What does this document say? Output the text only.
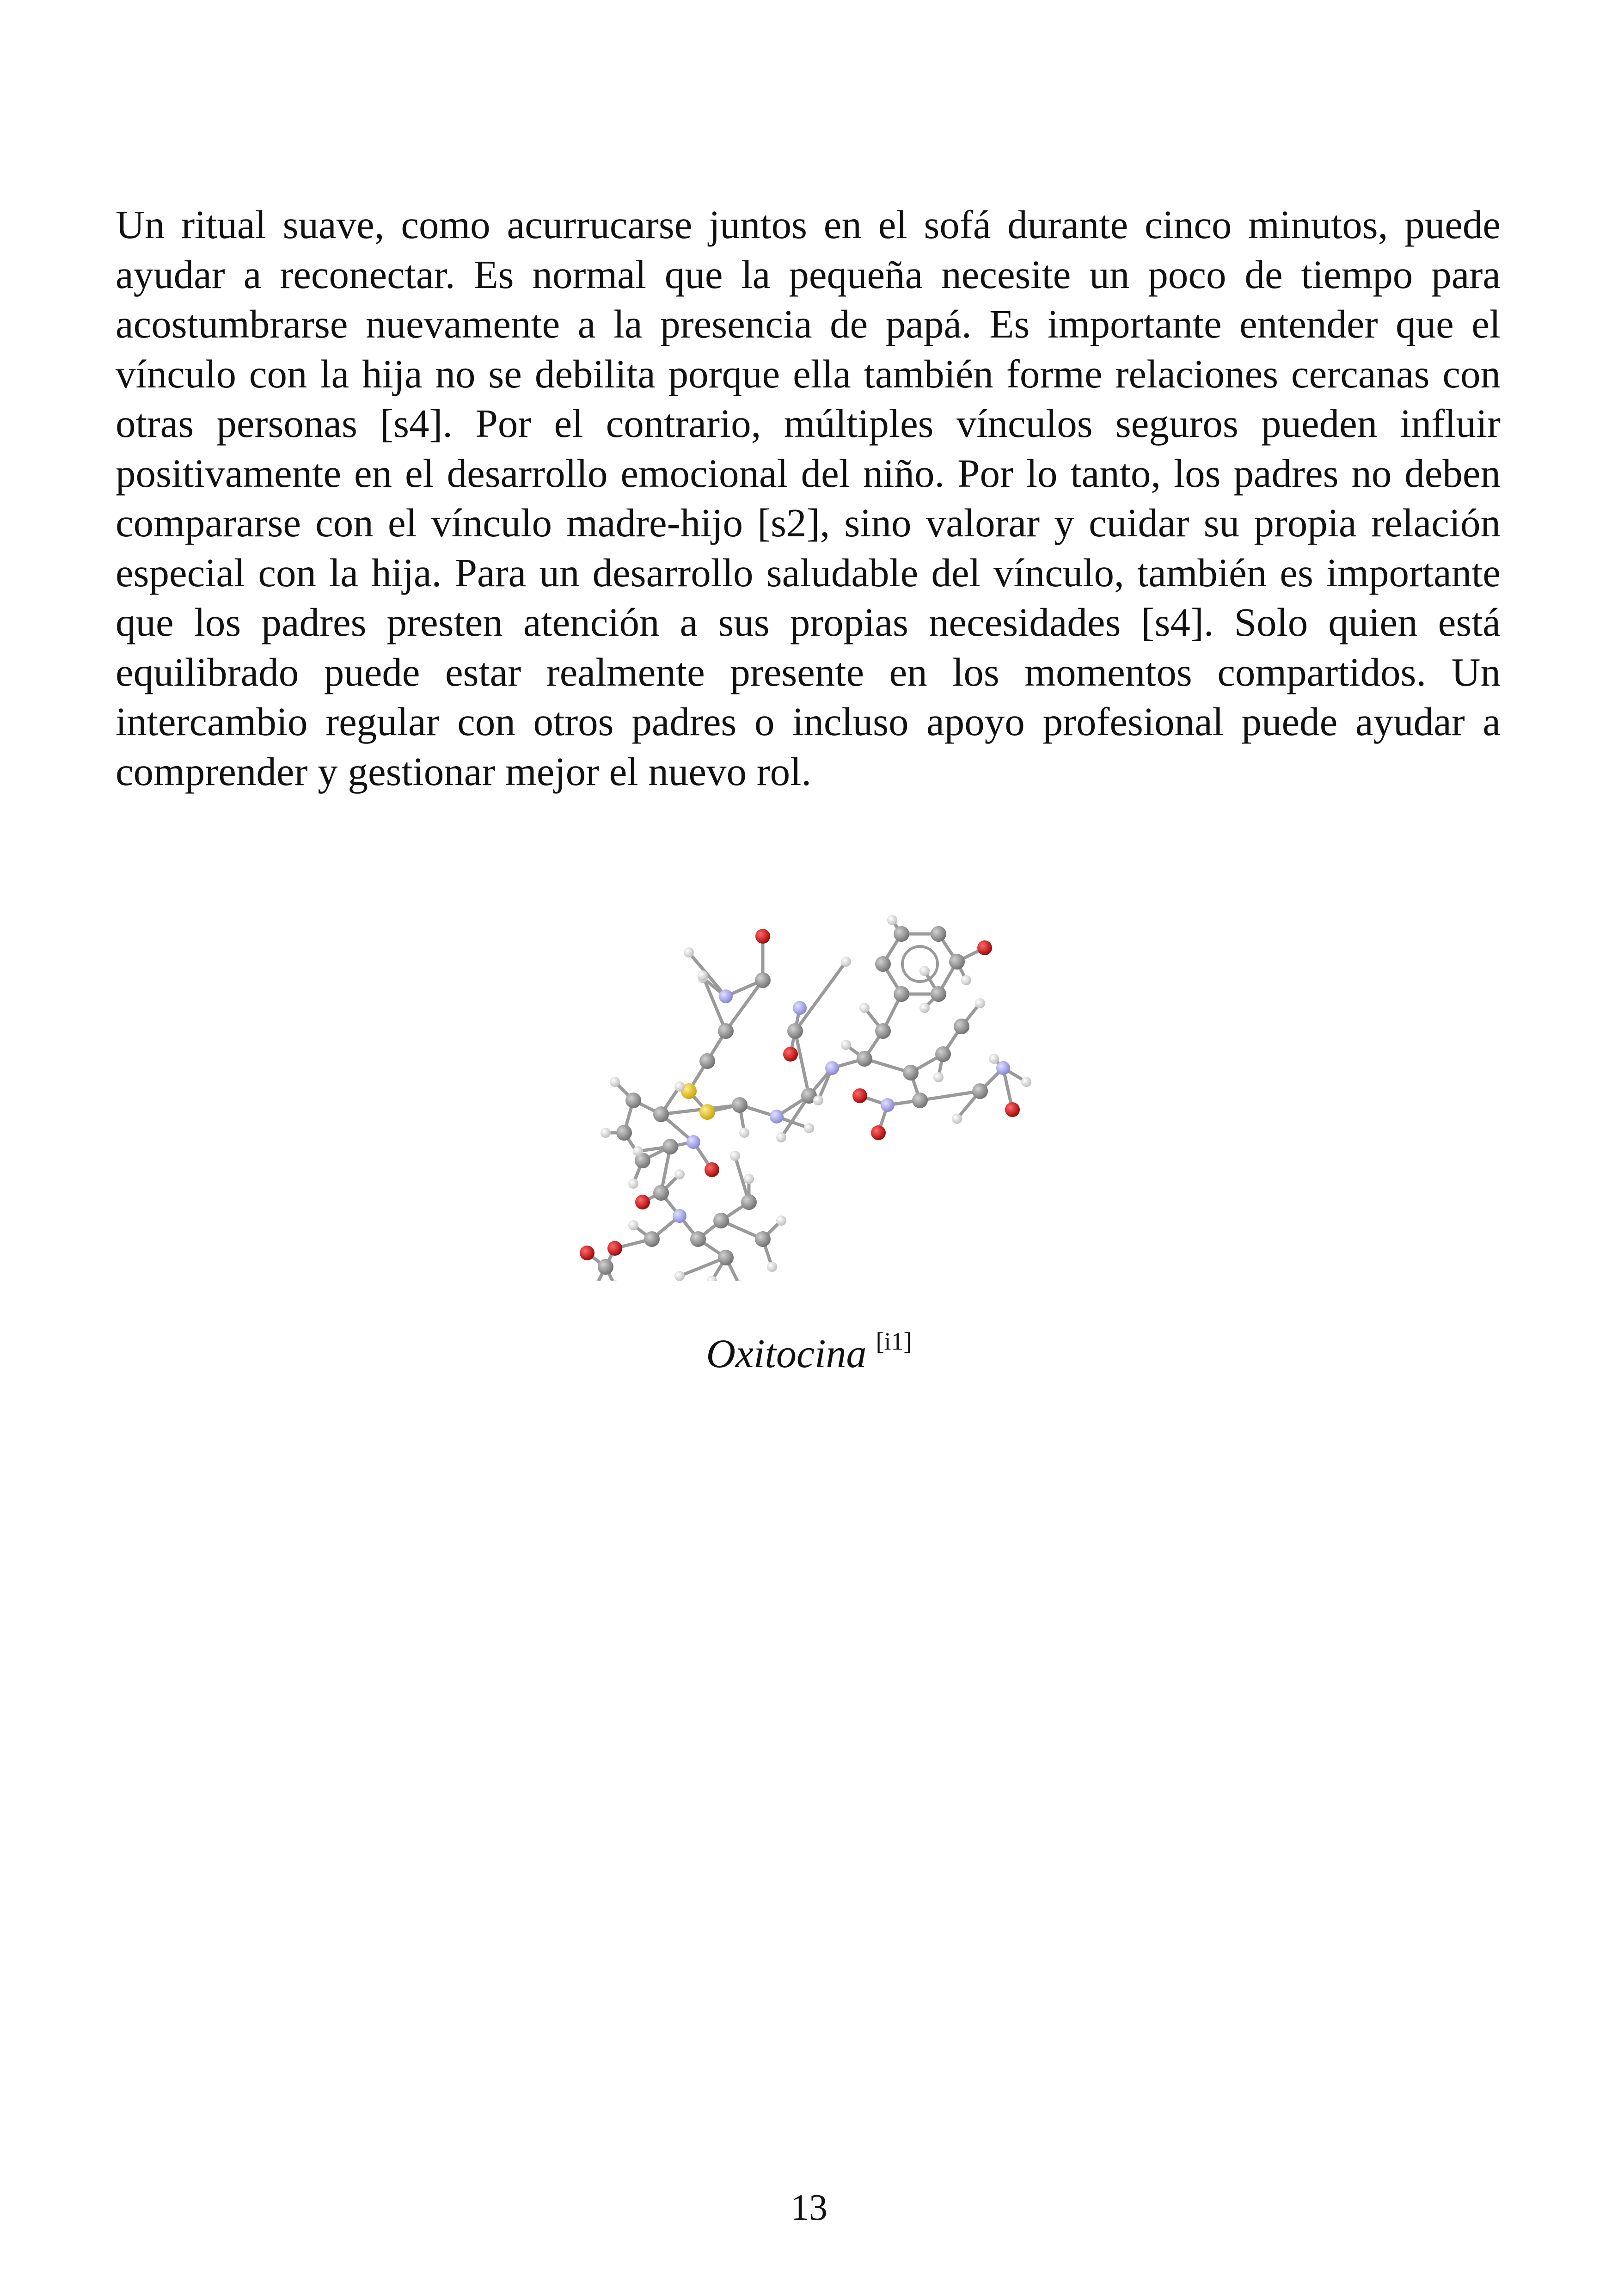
Un ritual suave, como acurrucarse juntos en el sofá durante cinco minutos, puede ayudar a reconectar. Es normal que la pequeña necesite un poco de tiempo para acostumbrarse nuevamente a la presencia de papá. Es importante entender que el vínculo con la hija no se debilita porque ella también forme relaciones cercanas con otras personas [s4]. Por el contrario, múltiples vínculos seguros pueden influir positivamente en el desarrollo emocional del niño. Por lo tanto, los padres no deben compararse con el vínculo madre-hijo [s2], sino valorar y cuidar su propia relación especial con la hija. Para un desarrollo saludable del vínculo, también es importante que los padres presten atención a sus propias necesidades [s4]. Solo quien está equilibrado puede estar realmente presente en los momentos compartidos. Un intercambio regular con otros padres o incluso apoyo profesional puede ayudar a comprender y gestionar mejor el nuevo rol.

Oxitocina [i1]
13
